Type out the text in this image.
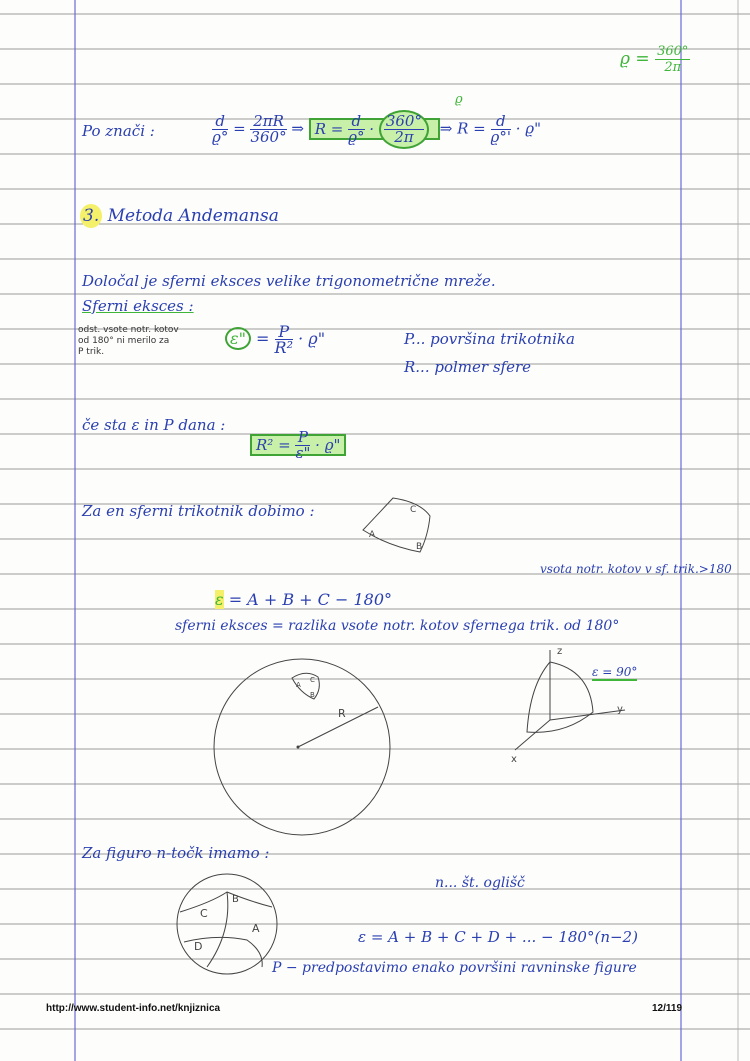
$ϱ = \frac{360^\circ}{2\pi}$
Po znači :	$\frac{d}{ϱ^\circ} = \frac{2\pi R}{360^\circ}$ ⇒ $R = \frac{d}{ϱ^\circ} \cdot \frac{360^\circ}{2\pi}$ ⇒ $R = \frac{d}{ϱ^\circ'} \cdot ϱ$"
ϱ
3. Metoda Andemansa
Določal je sferni eksces velike trigonometrične mreže.
Sferni eksces :
odst. vsote notr. kotov
od 180° ni merilo za
P trik.
ε" = $\frac{P}{\text{R²}} \cdot ϱ$"	P... površina trikotnika
R... polmer sfere
če sta ε in P dana :
$R^2 = \frac{P}{\varepsilon"} \cdot ϱ$"
Za en sferni trikotnik dobimo :	C
A
B
vsota notr. kotov v sf. trik.>180
ε = A + B + C − 180°
sferni eksces = razlika vsote notr. kotov sfernega trik. od 180°
R
A
C
B
z
y
x
ε = 90°
Za figuro n-točk imamo :
n... št. oglišč
B
C
A
D
ε = A + B + C + D + ... − 180°(n−2)
P − predpostavimo enako površini ravninske figure
http://www.student-info.net/knjiznica	12/119
